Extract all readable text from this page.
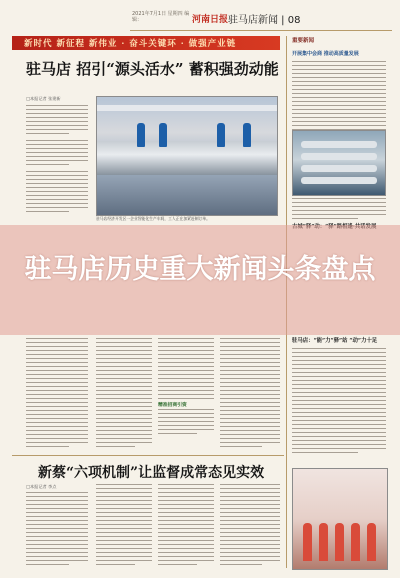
2021年7月1日 星期四 编辑：	河南日报 驻马店新闻 | 08
新时代 新征程 新伟业 · 奋斗关键环 · 做强产业链
驻马店 招引“源头活水” 蓄积强劲动能
□本报记者 张建新
驻马店经济开发区一企业智能化生产车间，工人正在加紧赶制订单。
重要新闻
开展集中会商 推动高质量发展
驻马店：“能”力“驿”站 “动”力十足
精准招商引资
新蔡“六项机制”让监督成常态见实效
□本报记者 李点
驻马店历史重大新闻头条盘点
